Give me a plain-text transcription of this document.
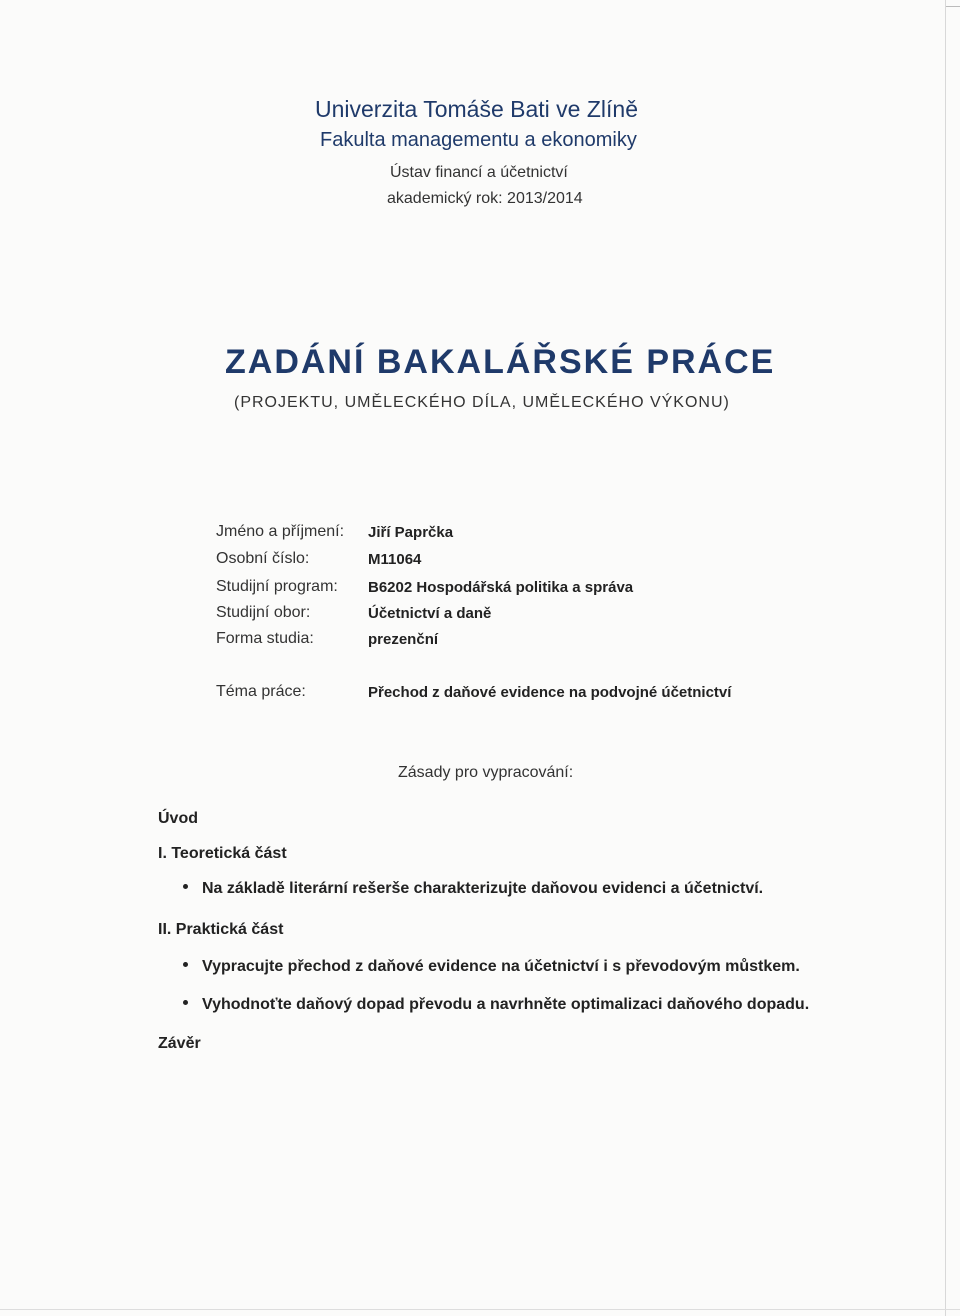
Univerzita Tomáše Bati ve Zlíně
Fakulta managementu a ekonomiky
Ústav financí a účetnictví
akademický rok: 2013/2014
ZADÁNÍ BAKALÁŘSKÉ PRÁCE
(PROJEKTU, UMĚLECKÉHO DÍLA, UMĚLECKÉHO VÝKONU)
Jméno a příjmení: Jiří Paprčka
Osobní číslo:	M11064
Studijní program: B6202 Hospodářská politika a správa
Studijní obor:	Účetnictví a daně
Forma studia:	prezenční
Téma práce:	Přechod z daňové evidence na podvojné účetnictví
Zásady pro vypracování:
Úvod
I. Teoretická část
Na základě literární rešerše charakterizujte daňovou evidenci a účetnictví.
II. Praktická část
Vypracujte přechod z daňové evidence na účetnictví i s převodovým můstkem.
Vyhodnoťte daňový dopad převodu a navrhněte optimalizaci daňového dopadu.
Závěr
